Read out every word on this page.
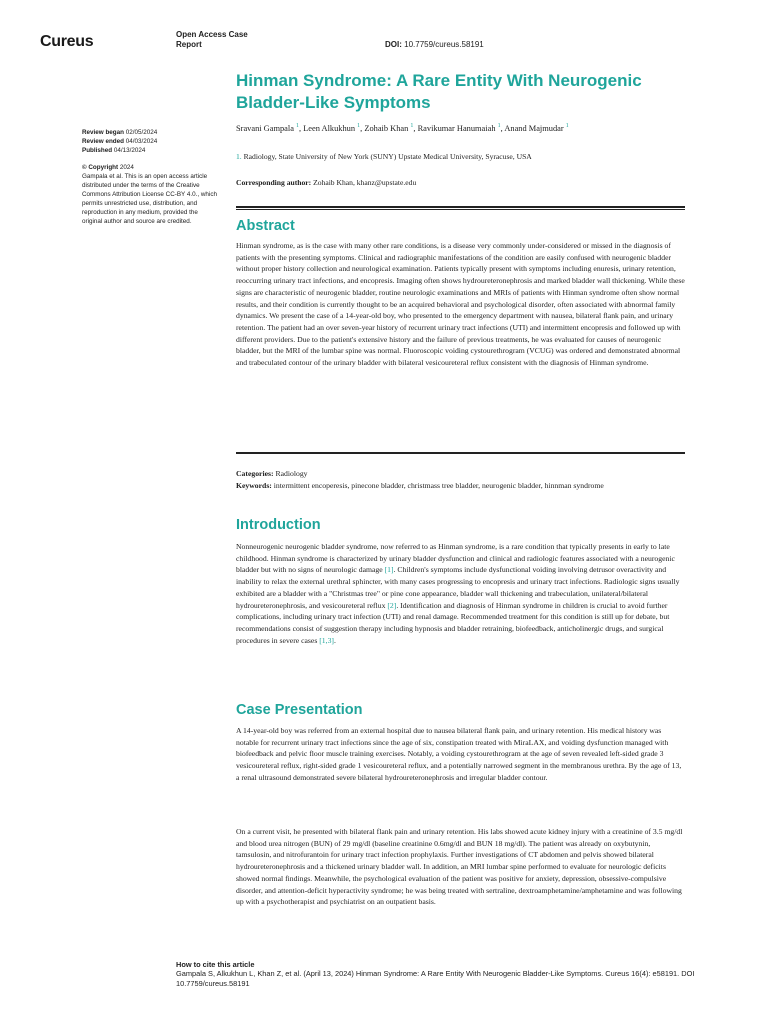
Cureus	Open Access Case Report	DOI: 10.7759/cureus.58191
Hinman Syndrome: A Rare Entity With Neurogenic Bladder-Like Symptoms
Sravani Gampala $^1$, Leen Alkukhun $^1$, Zohaib Khan $^1$, Ravikumar Hanumaiah $^1$, Anand Majmudar $^1$
1. Radiology, State University of New York (SUNY) Upstate Medical University, Syracuse, USA
Corresponding author: Zohaib Khan, khanz@upstate.edu
Review began 02/05/2024
Review ended 04/03/2024
Published 04/13/2024
© Copyright 2024
Gampala et al. This is an open access article distributed under the terms of the Creative Commons Attribution License CC-BY 4.0., which permits unrestricted use, distribution, and reproduction in any medium, provided the original author and source are credited.	Abstract
Hinman syndrome, as is the case with many other rare conditions, is a disease very commonly under-considered or missed in the diagnosis of patients with the presenting symptoms. Clinical and radiographic manifestations of the condition are easily confused with neurogenic bladder without proper history collection and neurological examination. Patients typically present with symptoms including enuresis, urinary retention, reoccurring urinary tract infections, and encopresis. Imaging often shows hydroureteronephrosis and marked bladder wall thickening. While these signs are characteristic of neurogenic bladder, routine neurologic examinations and MRIs of patients with Hinman syndrome often show normal results, and their condition is currently thought to be an acquired behavioral and psychological disorder, often associated with abnormal family dynamics. We present the case of a 14-year-old boy, who presented to the emergency department with nausea, bilateral flank pain, and urinary retention. The patient had an over seven-year history of recurrent urinary tract infections (UTI) and intermittent encopresis and followed up with different providers. Due to the patient's extensive history and the failure of previous treatments, he was evaluated for causes of neurogenic bladder, but the MRI of the lumbar spine was normal. Fluoroscopic voiding cystourethrogram (VCUG) was ordered and demonstrated abnormal and trabeculated contour of the urinary bladder with bilateral vesicoureteral reflux consistent with the diagnosis of Hinman syndrome.
Categories: Radiology
Keywords: intermittent encoperesis, pinecone bladder, christmass tree bladder, neurogenic bladder, hinnman syndrome
Introduction
Nonneurogenic neurogenic bladder syndrome, now referred to as Hinman syndrome, is a rare condition that typically presents in early to late childhood. Hinman syndrome is characterized by urinary bladder dysfunction and clinical and radiologic features associated with a neurogenic bladder but with no signs of neurologic damage [1]. Children's symptoms include dysfunctional voiding involving detrusor overactivity and inability to relax the external urethral sphincter, with many cases progressing to encopresis and urinary tract infections. Radiologic signs usually exhibited are a bladder with a "Christmas tree" or pine cone appearance, bladder wall thickening and trabeculation, unilateral/bilateral hydroureteronephrosis, and vesicoureteral reflux [2]. Identification and diagnosis of Hinman syndrome in children is crucial to avoid further complications, including urinary tract infection (UTI) and renal damage. Recommended treatment for this condition is still up for debate, but recommendations consist of suggestion therapy including hypnosis and bladder retraining, biofeedback, anticholinergic drugs, and surgical procedures in severe cases [1,3].
Case Presentation
A 14-year-old boy was referred from an external hospital due to nausea bilateral flank pain, and urinary retention. His medical history was notable for recurrent urinary tract infections since the age of six, constipation treated with MiraLAX, and voiding dysfunction managed with biofeedback and pelvic floor muscle training exercises. Notably, a voiding cystourethrogram at the age of seven revealed left-sided grade 3 vesicoureteral reflux, right-sided grade 1 vesicoureteral reflux, and a potentially narrowed segment in the membranous urethra. By the age of 13, a renal ultrasound demonstrated severe bilateral hydroureteronephrosis and irregular bladder contour.
On a current visit, he presented with bilateral flank pain and urinary retention. His labs showed acute kidney injury with a creatinine of 3.5 mg/dl and blood urea nitrogen (BUN) of 29 mg/dl (baseline creatinine 0.6mg/dl and BUN 18 mg/dl). The patient was already on oxybutynin, tamsulosin, and nitrofurantoin for urinary tract infection prophylaxis. Further investigations of CT abdomen and pelvis showed bilateral hydroureteronephrosis and a thickened urinary bladder wall. In addition, an MRI lumbar spine performed to evaluate for neurologic deficits showed normal findings. Meanwhile, the psychological evaluation of the patient was positive for anxiety, depression, obsessive-compulsive disorder, and attention-deficit hyperactivity syndrome; he was being treated with sertraline, dextroamphetamine/amphetamine and was following up with a psychotherapist and psychiatrist on an outpatient basis.
How to cite this article
Gampala S, Alkukhun L, Khan Z, et al. (April 13, 2024) Hinman Syndrome: A Rare Entity With Neurogenic Bladder-Like Symptoms. Cureus 16(4): e58191. DOI 10.7759/cureus.58191
